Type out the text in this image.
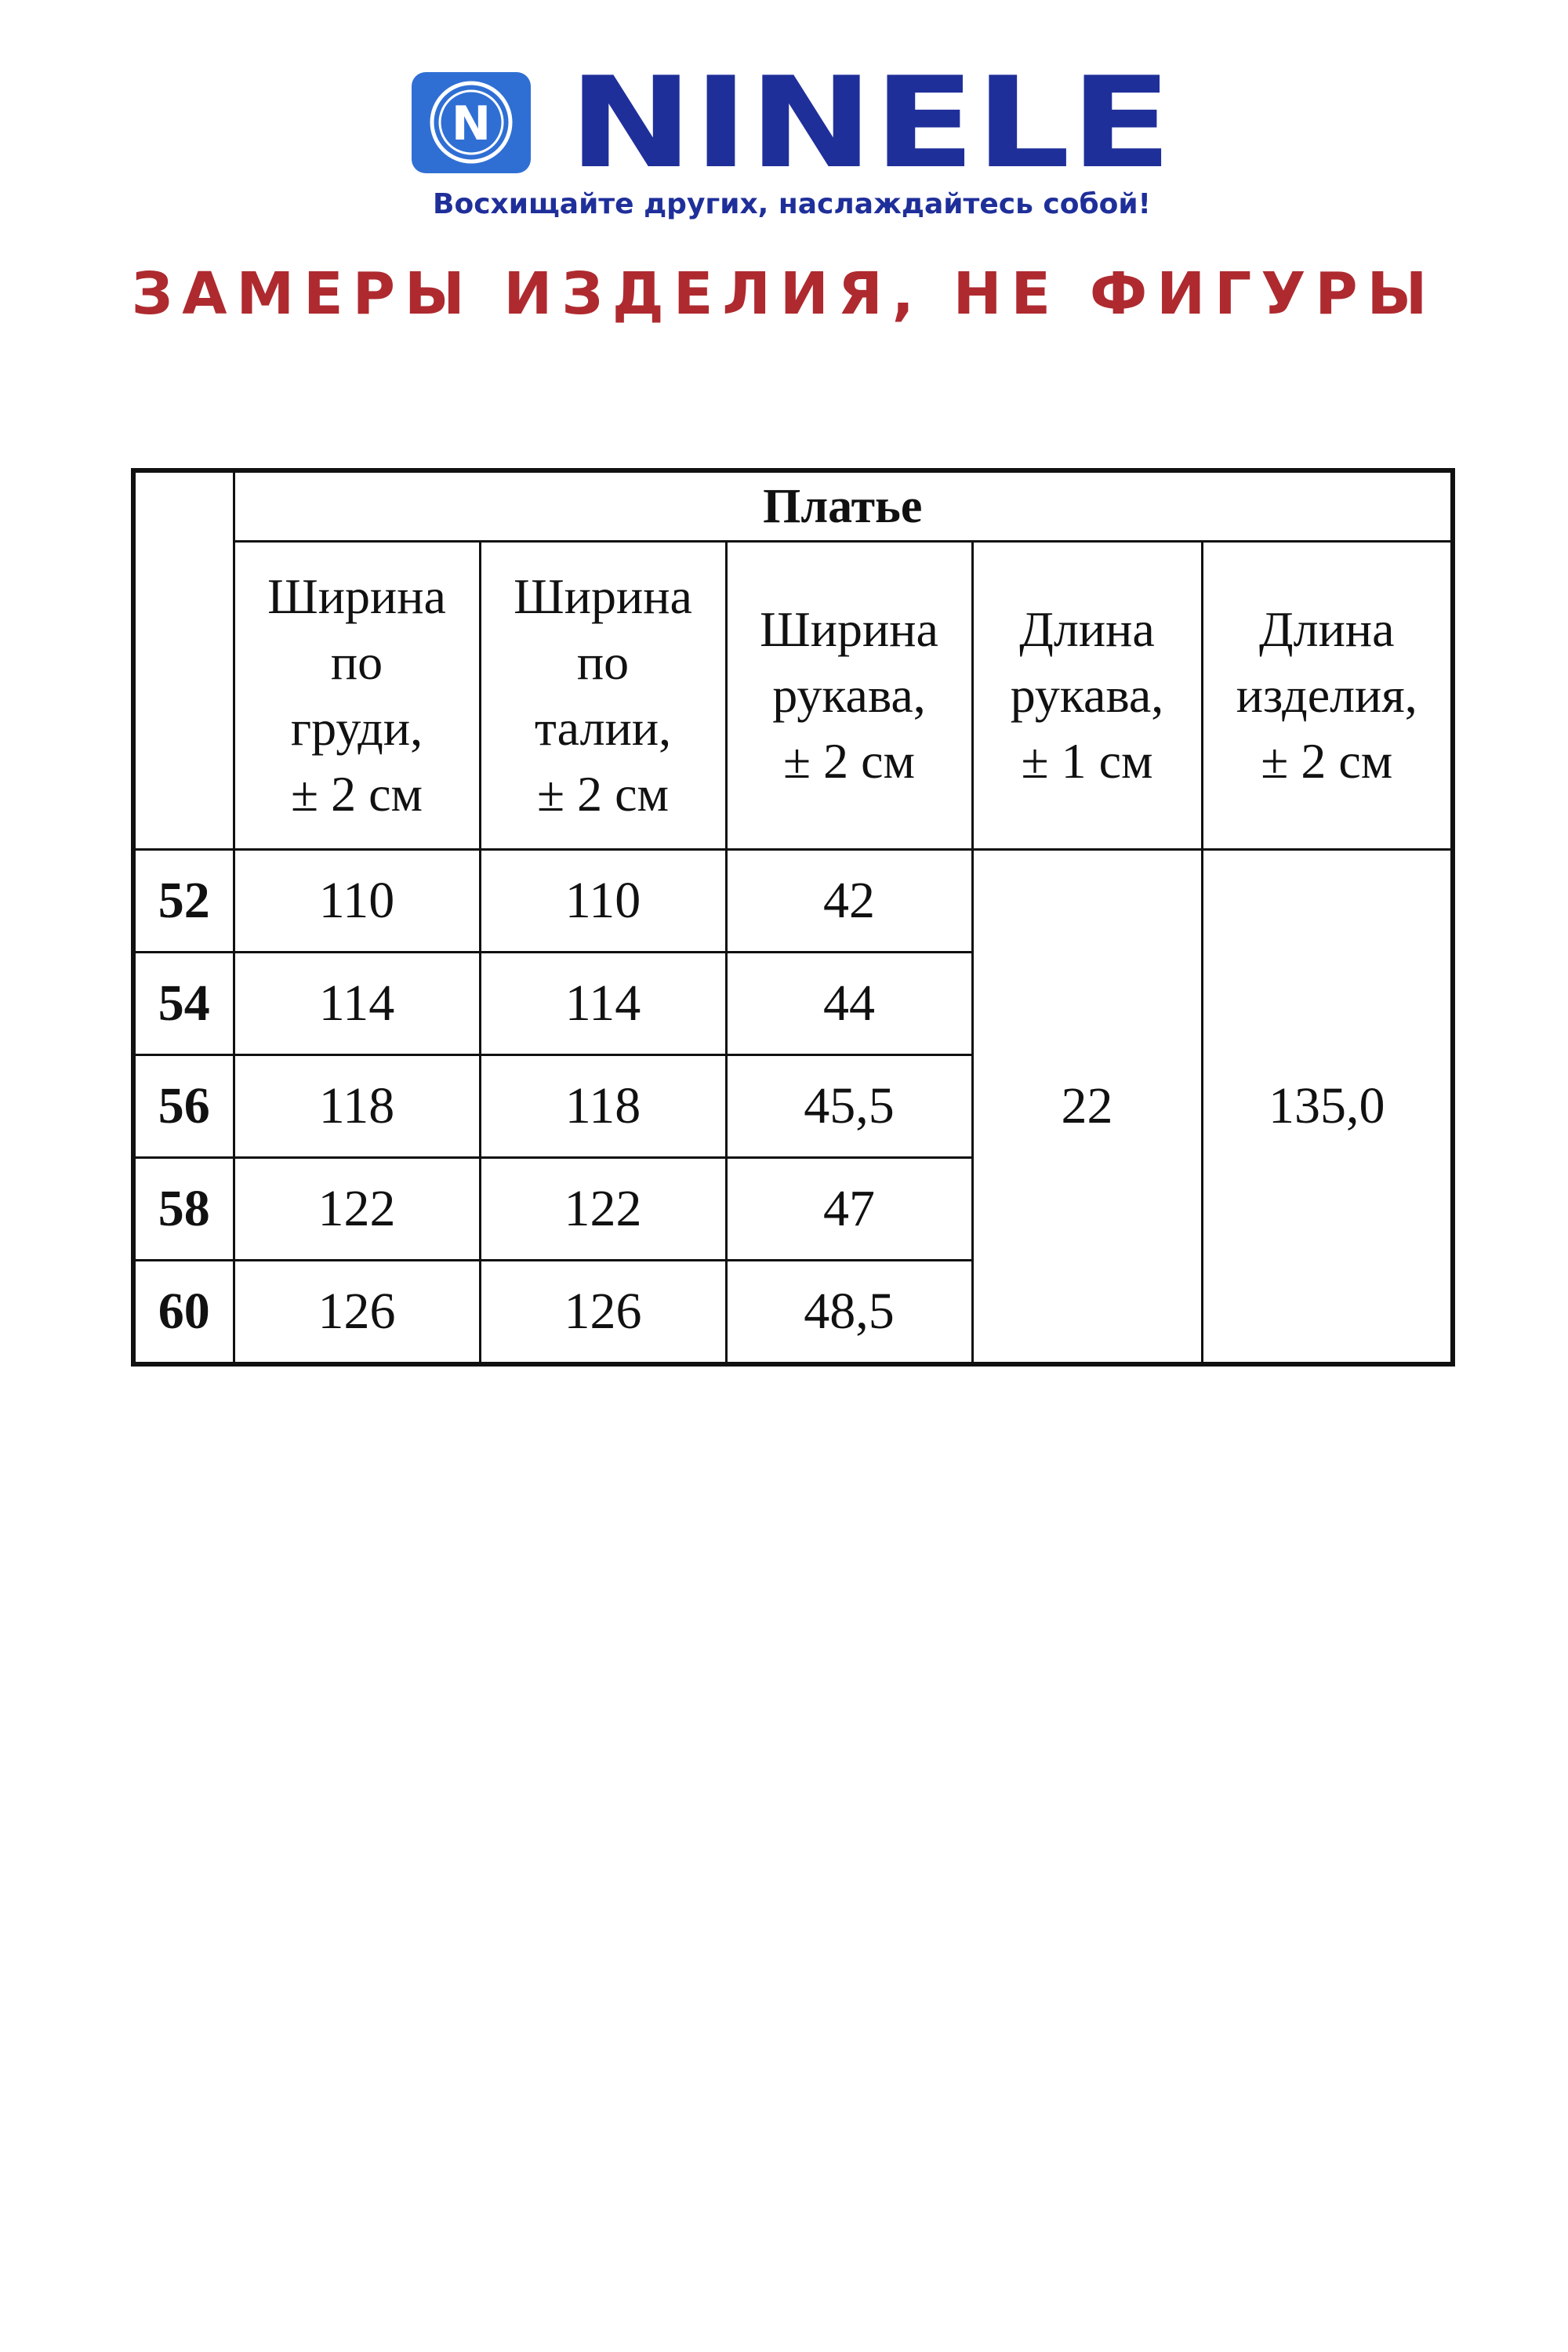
N NINELE
Восхищайте других, наслаждайтесь собой!
ЗАМЕРЫ ИЗДЕЛИЯ, НЕ ФИГУРЫ
	Платье				
	Ширина
по
груди,
± 2 см	Ширина
по
талии,
± 2 см	Ширина
рукава,
± 2 см	Длина
рукава,
± 1 см	Длина
изделия,
± 2 см
52	110	110	42	22	135,0
54	114	114	44		
56	118	118	45,5		
58	122	122	47		
60	126	126	48,5		
